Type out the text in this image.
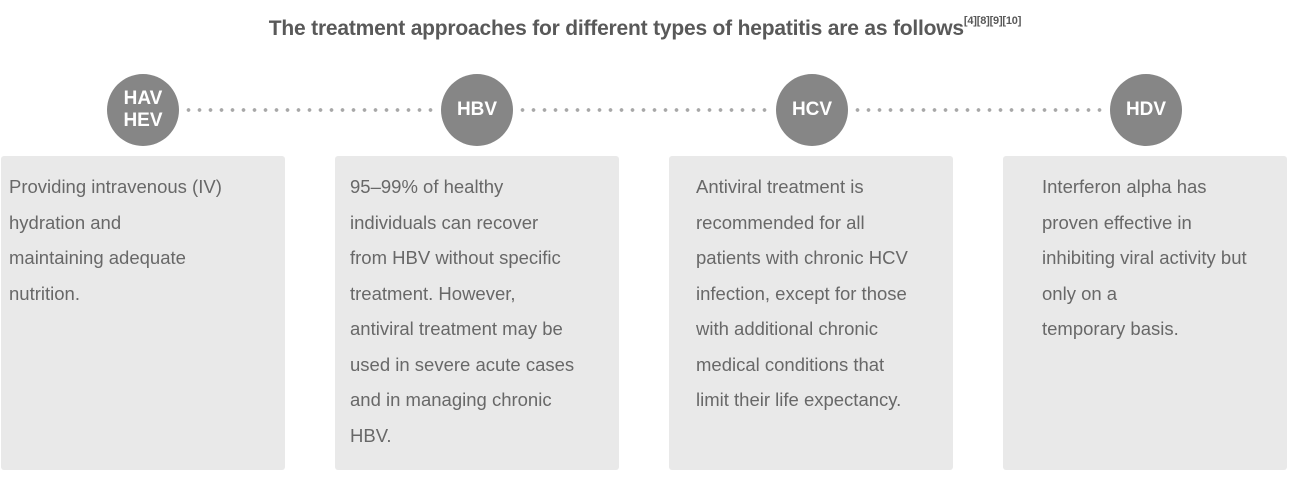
The treatment approaches for different types of hepatitis are as follows[4][8][9][10]
HAV
HEV
HBV	HCV	HDV
Providing intravenous (IV)
hydration and
maintaining adequate
nutrition.
95–99% of healthy
individuals can recover
from HBV without specific
treatment. However,
antiviral treatment may be
used in severe acute cases
and in managing chronic
HBV.
Antiviral treatment is
recommended for all
patients with chronic HCV
infection, except for those
with additional chronic
medical conditions that
limit their life expectancy.
Interferon alpha has
proven effective in
inhibiting viral activity but
only on a
temporary basis.
